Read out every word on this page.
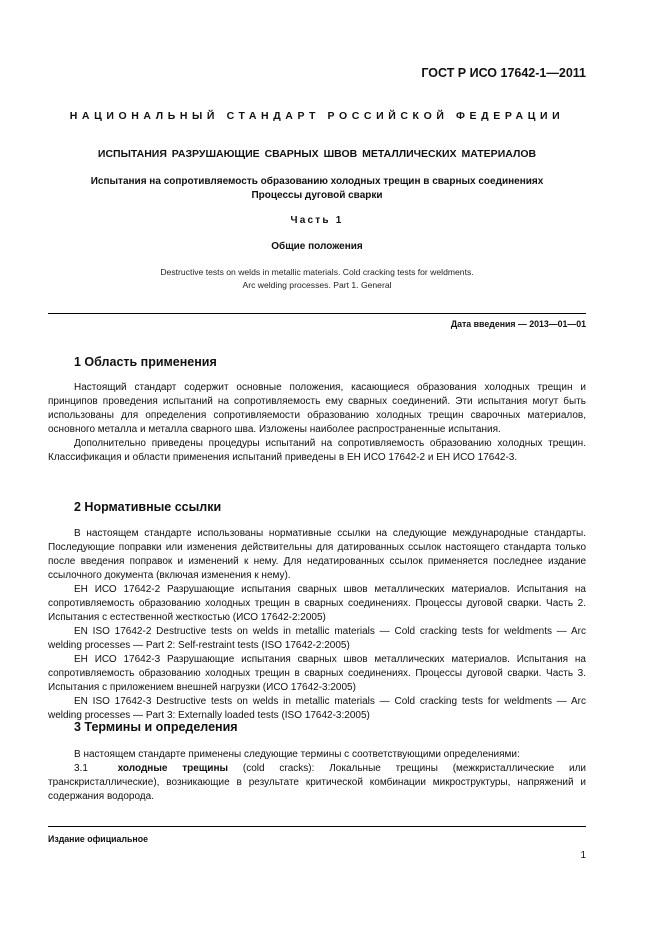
ГОСТ Р ИСО 17642-1—2011
НАЦИОНАЛЬНЫЙ СТАНДАРТ РОССИЙСКОЙ ФЕДЕРАЦИИ
ИСПЫТАНИЯ РАЗРУШАЮЩИЕ СВАРНЫХ ШВОВ МЕТАЛЛИЧЕСКИХ МАТЕРИАЛОВ
Испытания на сопротивляемость образованию холодных трещин в сварных соединениях
Процессы дуговой сварки
Часть 1
Общие положения
Destructive tests on welds in metallic materials. Cold cracking tests for weldments.
Arc welding processes. Part 1. General
Дата введения — 2013—01—01
1 Область применения

Настоящий стандарт содержит основные положения, касающиеся образования холодных трещин и принципов проведения испытаний на сопротивляемость ему сварных соединений. Эти испытания могут быть использованы для определения сопротивляемости образованию холодных трещин сварочных материалов, основного металла и металла сварного шва. Изложены наиболее распространенные испытания.

Дополнительно приведены процедуры испытаний на сопротивляемость образованию холодных трещин. Классификация и области применения испытаний приведены в ЕН ИСО 17642-2 и ЕН ИСО 17642-3.

2 Нормативные ссылки

В настоящем стандарте использованы нормативные ссылки на следующие международные стандарты. Последующие поправки или изменения действительны для датированных ссылок настоящего стандарта только после введения поправок и изменений к нему. Для недатированных ссылок применяется последнее издание ссылочного документа (включая изменения к нему).

ЕН ИСО 17642-2 Разрушающие испытания сварных швов металлических материалов. Испытания на сопротивляемость образованию холодных трещин в сварных соединениях. Процессы дуговой сварки. Часть 2. Испытания с естественной жесткостью (ИСО 17642-2:2005)

EN ISO 17642-2 Destructive tests on welds in metallic materials — Cold cracking tests for weldments — Arc welding processes — Part 2: Self-restraint tests (ISO 17642-2:2005)

ЕН ИСО 17642-3 Разрушающие испытания сварных швов металлических материалов. Испытания на сопротивляемость образованию холодных трещин в сварных соединениях. Процессы дуговой сварки. Часть 3. Испытания с приложением внешней нагрузки (ИСО 17642-3:2005)

EN ISO 17642-3 Destructive tests on welds in metallic materials — Cold cracking tests for weldments — Arc welding processes — Part 3: Externally loaded tests (ISO 17642-3:2005)

3 Термины и определения

В настоящем стандарте применены следующие термины с соответствующими определениями:

3.1	холодные трещины (cold cracks): Локальные трещины (межкристаллические или транскристаллические), возникающие в результате критической комбинации микроструктуры, напряжений и содержания водорода.

Издание официальное
1
